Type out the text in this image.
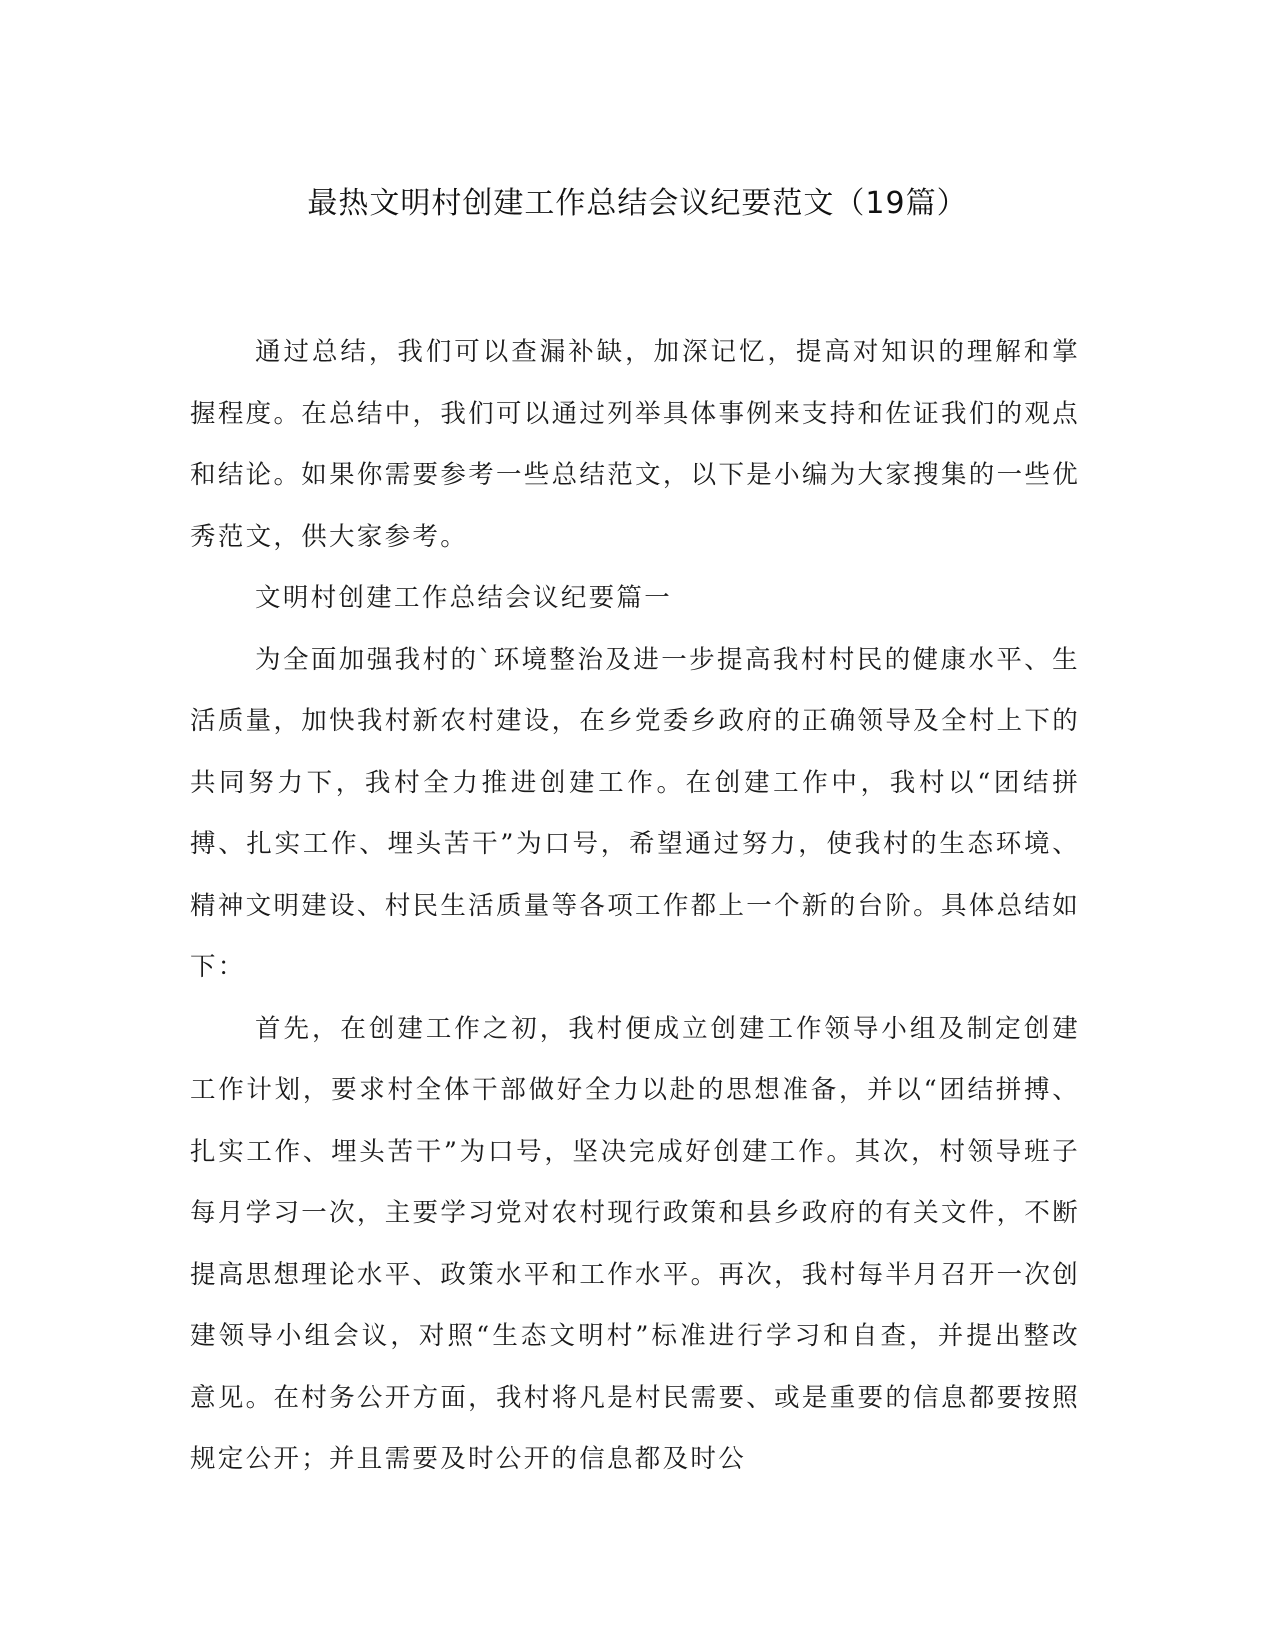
最热文明村创建工作总结会议纪要范文（19篇）

通过总结，我们可以查漏补缺，加深记忆，提高对知识的理解和掌握程度。在总结中，我们可以通过列举具体事例来支持和佐证我们的观点和结论。如果你需要参考一些总结范文，以下是小编为大家搜集的一些优秀范文，供大家参考。

文明村创建工作总结会议纪要篇一

为全面加强我村的`环境整治及进一步提高我村村民的健康水平、生活质量，加快我村新农村建设，在乡党委乡政府的正确领导及全村上下的共同努力下，我村全力推进创建工作。在创建工作中，我村以“团结拼搏、扎实工作、埋头苦干”为口号，希望通过努力，使我村的生态环境、精神文明建设、村民生活质量等各项工作都上一个新的台阶。具体总结如下：

首先，在创建工作之初，我村便成立创建工作领导小组及制定创建工作计划，要求村全体干部做好全力以赴的思想准备，并以“团结拼搏、扎实工作、埋头苦干”为口号，坚决完成好创建工作。其次，村领导班子每月学习一次，主要学习党对农村现行政策和县乡政府的有关文件，不断提高思想理论水平、政策水平和工作水平。再次，我村每半月召开一次创建领导小组会议，对照“生态文明村”标准进行学习和自查，并提出整改意见。在村务公开方面，我村将凡是村民需要、或是重要的信息都要按照规定公开；并且需要及时公开的信息都及时公
